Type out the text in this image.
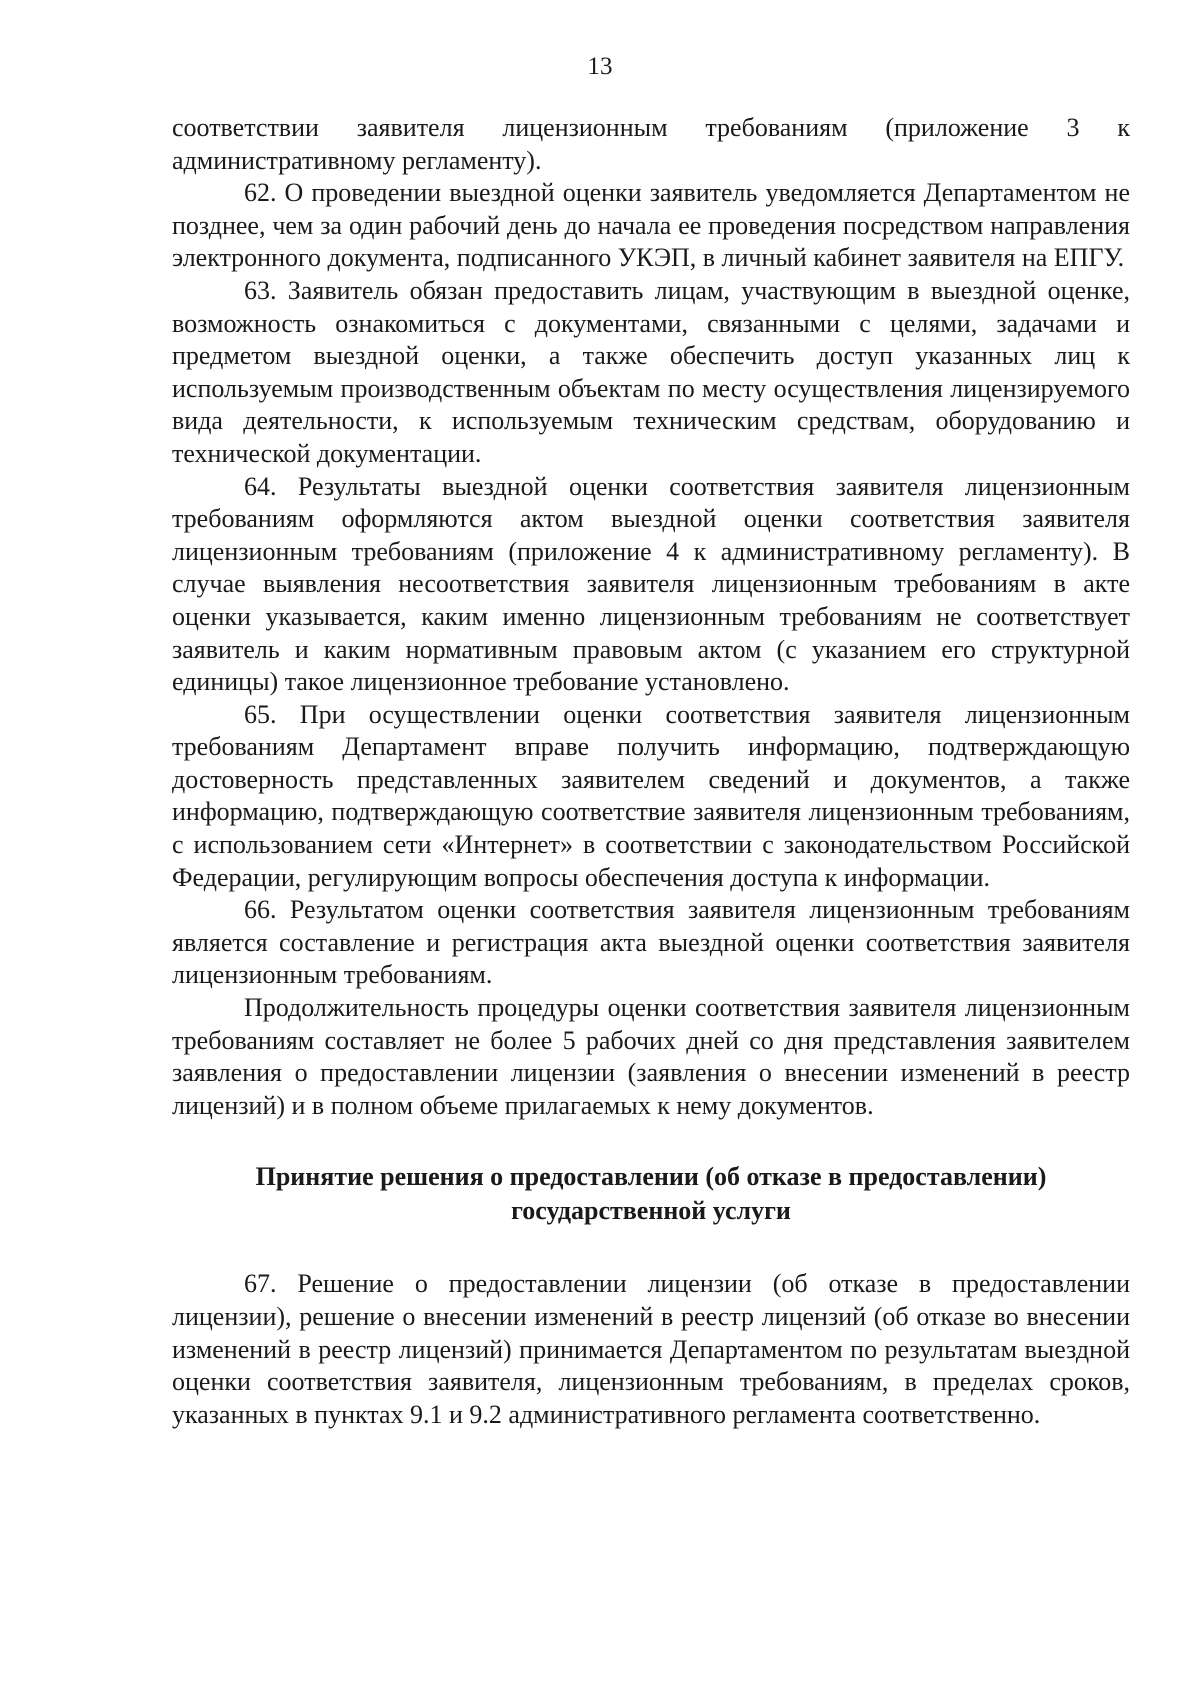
13

соответствии заявителя лицензионным требованиям (приложение 3 к административному регламенту).

62. О проведении выездной оценки заявитель уведомляется Департаментом не позднее, чем за один рабочий день до начала ее проведения посредством направления электронного документа, подписанного УКЭП, в личный кабинет заявителя на ЕПГУ.

63. Заявитель обязан предоставить лицам, участвующим в выездной оценке, возможность ознакомиться с документами, связанными с целями, задачами и предметом выездной оценки, а также обеспечить доступ указанных лиц к используемым производственным объектам по месту осуществления лицензируемого вида деятельности, к используемым техническим средствам, оборудованию и технической документации.

64. Результаты выездной оценки соответствия заявителя лицензионным требованиям оформляются актом выездной оценки соответствия заявителя лицензионным требованиям (приложение 4 к административному регламенту). В случае выявления несоответствия заявителя лицензионным требованиям в акте оценки указывается, каким именно лицензионным требованиям не соответствует заявитель и каким нормативным правовым актом (с указанием его структурной единицы) такое лицензионное требование установлено.

65. При осуществлении оценки соответствия заявителя лицензионным требованиям Департамент вправе получить информацию, подтверждающую достоверность представленных заявителем сведений и документов, а также информацию, подтверждающую соответствие заявителя лицензионным требованиям, с использованием сети «Интернет» в соответствии с законодательством Российской Федерации, регулирующим вопросы обеспечения доступа к информации.

66. Результатом оценки соответствия заявителя лицензионным требованиям является составление и регистрация акта выездной оценки соответствия заявителя лицензионным требованиям.

Продолжительность процедуры оценки соответствия заявителя лицензионным требованиям составляет не более 5 рабочих дней со дня представления заявителем заявления о предоставлении лицензии (заявления о внесении изменений в реестр лицензий) и в полном объеме прилагаемых к нему документов.

Принятие решения о предоставлении (об отказе в предоставлении)
государственной услуги

67. Решение о предоставлении лицензии (об отказе в предоставлении лицензии), решение о внесении изменений в реестр лицензий (об отказе во внесении изменений в реестр лицензий) принимается Департаментом по результатам выездной оценки соответствия заявителя, лицензионным требованиям, в пределах сроков, указанных в пунктах 9.1 и 9.2 административного регламента соответственно.
